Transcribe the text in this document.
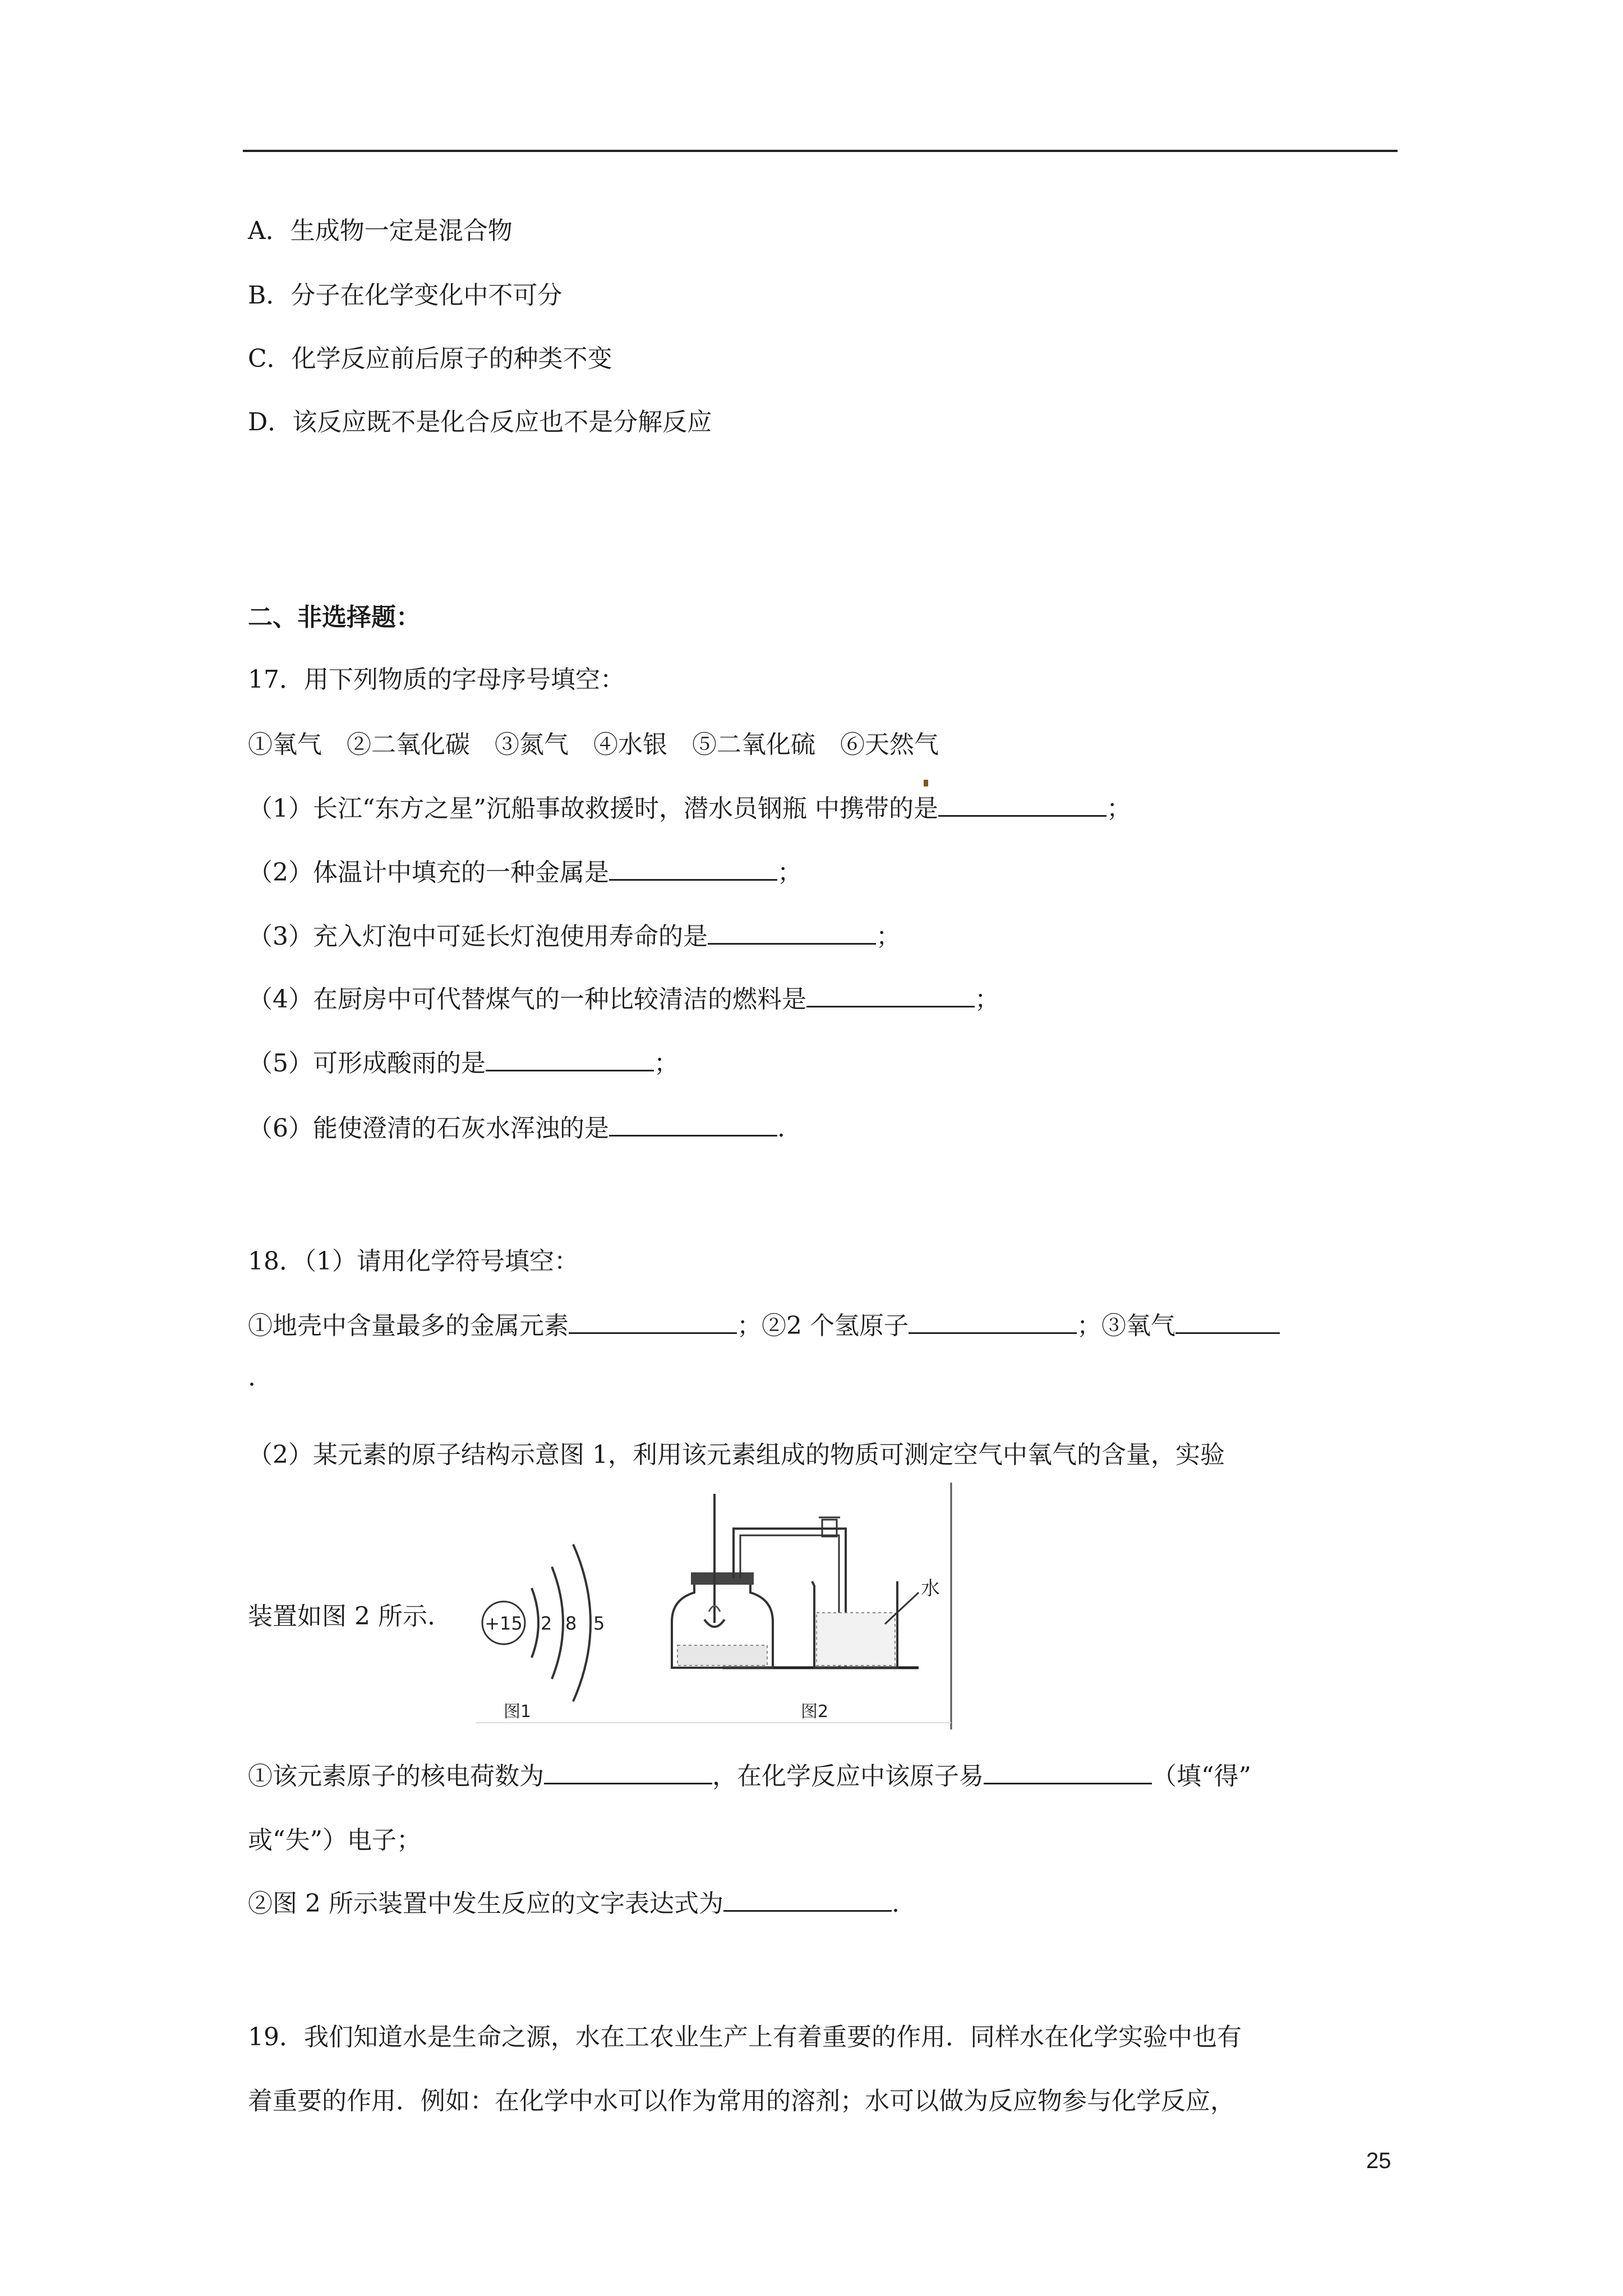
A．生成物一定是混合物
B．分子在化学变化中不可分
C．化学反应前后原子的种类不变
D．该反应既不是化合反应也不是分解反应
二、非选择题：
17．用下列物质的字母序号填空：
①氧气　②二氧化碳　③氮气　④水银　⑤二氧化硫　⑥天然气
（1）长江“东方之星”沉船事故救援时，潜水员钢瓶 中携带的是	；
（2）体温计中填充的一种金属是	；
（3）充入灯泡中可延长灯泡使用寿命的是	；
（4）在厨房中可代替煤气的一种比较清洁的燃料是	；
（5）可形成酸雨的是	；
（6）能使澄清的石灰水浑浊的是	.
18．（1）请用化学符号填空：
①地壳中含量最多的金属元素	；②2 个氢原子	；③氧气
.
（2）某元素的原子结构示意图 1，利用该元素组成的物质可测定空气中氧气的含量，实验
装置如图 2 所示.	+15 2 8 5
图1
水
图2
①该元素原子的核电荷数为	，在化学反应中该原子易	（填“得”
或“失”）电子；
②图 2 所示装置中发生反应的文字表达式为	.
19．我们知道水是生命之源，水在工农业生产上有着重要的作用．同样水在化学实验中也有
着重要的作用．例如：在化学中水可以作为常用的溶剂；水可以做为反应物参与化学反应，
25
